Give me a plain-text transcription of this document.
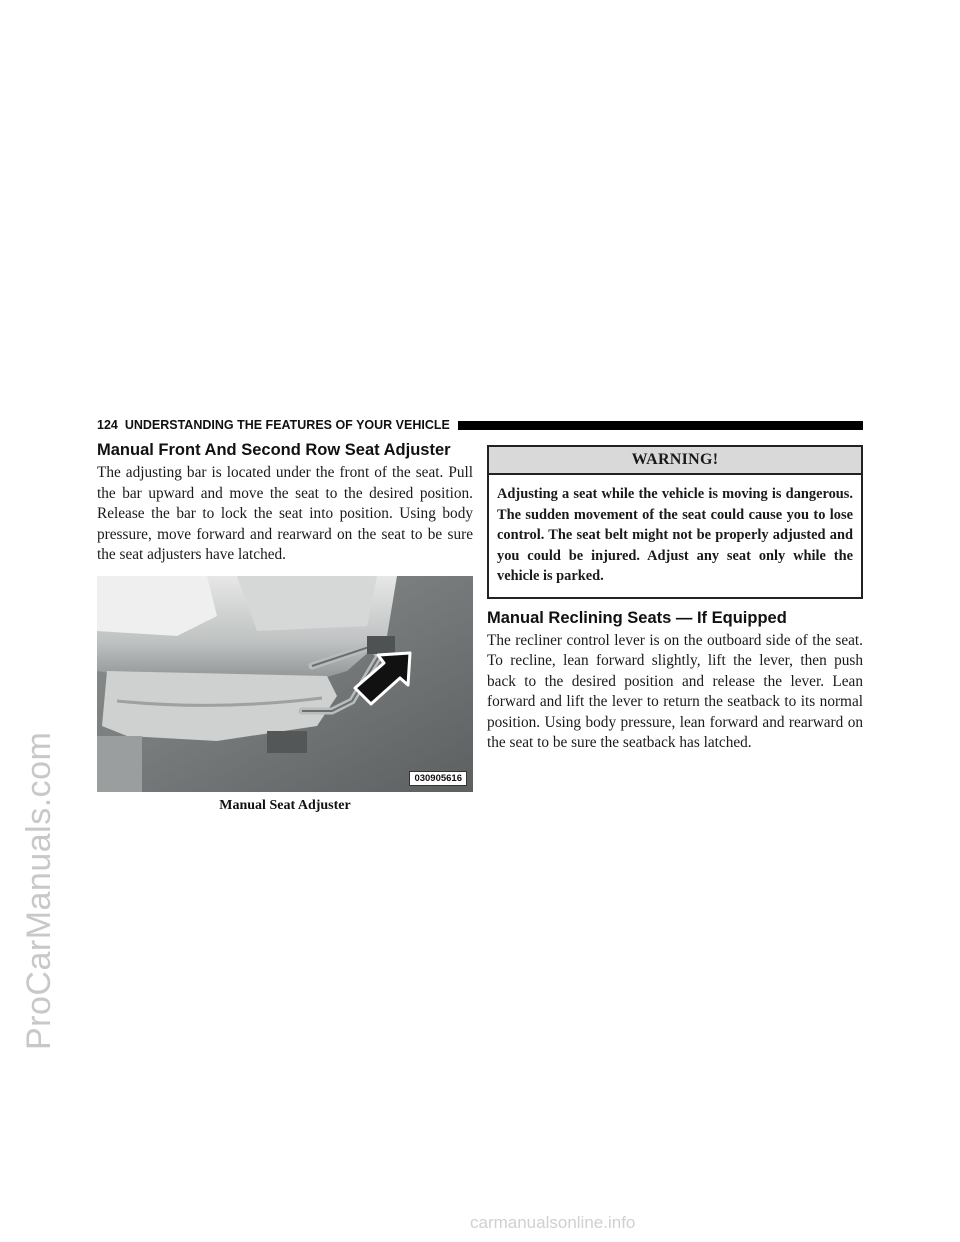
ProCarManuals.com
124 UNDERSTANDING THE FEATURES OF YOUR VEHICLE
Manual Front And Second Row Seat Adjuster

The adjusting bar is located under the front of the seat. Pull the bar upward and move the seat to the desired position. Release the bar to lock the seat into position. Using body pressure, move forward and rearward on the seat to be sure the seat adjusters have latched.

030905616
Manual Seat Adjuster
WARNING!
Adjusting a seat while the vehicle is moving is dangerous. The sudden movement of the seat could cause you to lose control. The seat belt might not be properly adjusted and you could be injured. Adjust any seat only while the vehicle is parked.
Manual Reclining Seats — If Equipped

The recliner control lever is on the outboard side of the seat. To recline, lean forward slightly, lift the lever, then push back to the desired position and release the lever. Lean forward and lift the lever to return the seatback to its normal position. Using body pressure, lean forward and rearward on the seat to be sure the seatback has latched.

carmanualsonline.info
